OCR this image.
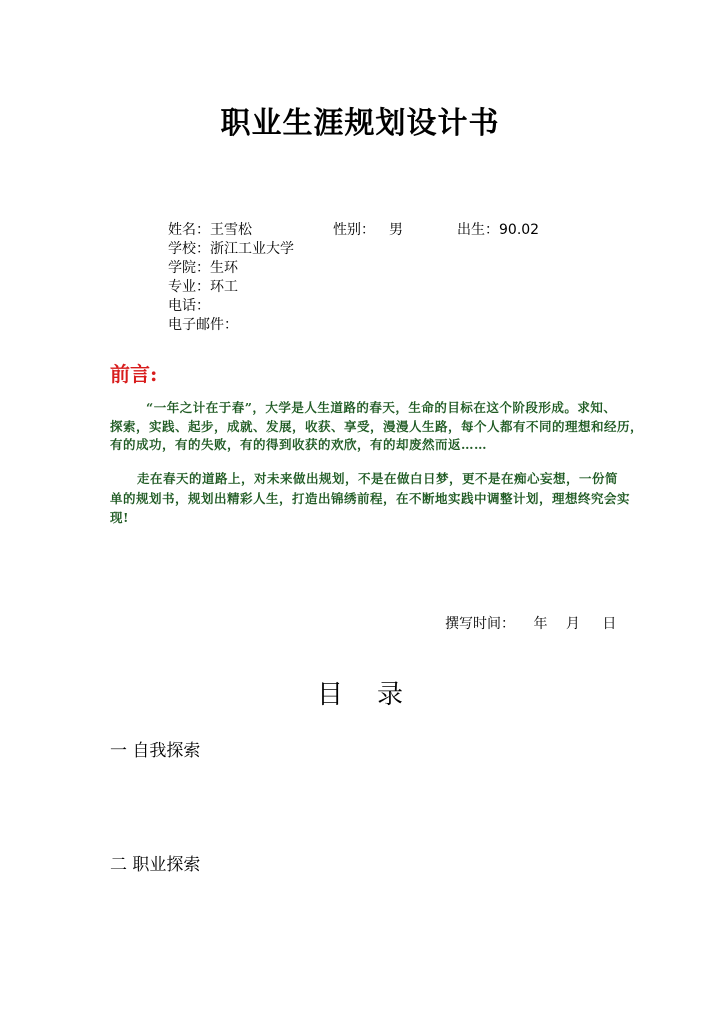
职业生涯规划设计书
姓名：王雪松	性别： 男	出生：90.02
学校：浙江工业大学
学院：生环
专业：环工
电话：
电子邮件：
前言:
“一年之计在于春”，大学是人生道路的春天，生命的目标在这个阶段形成。求知、
探索，实践、起步，成就、发展，收获、享受，漫漫人生路，每个人都有不同的理想和经历，
有的成功，有的失败，有的得到收获的欢欣，有的却废然而返……
走在春天的道路上，对未来做出规划，不是在做白日梦，更不是在痴心妄想，一份简
单的规划书，规划出精彩人生，打造出锦绣前程，在不断地实践中调整计划，理想终究会实
现!
撰写时间： 年 月 日
目录
一 自我探索
二 职业探索
